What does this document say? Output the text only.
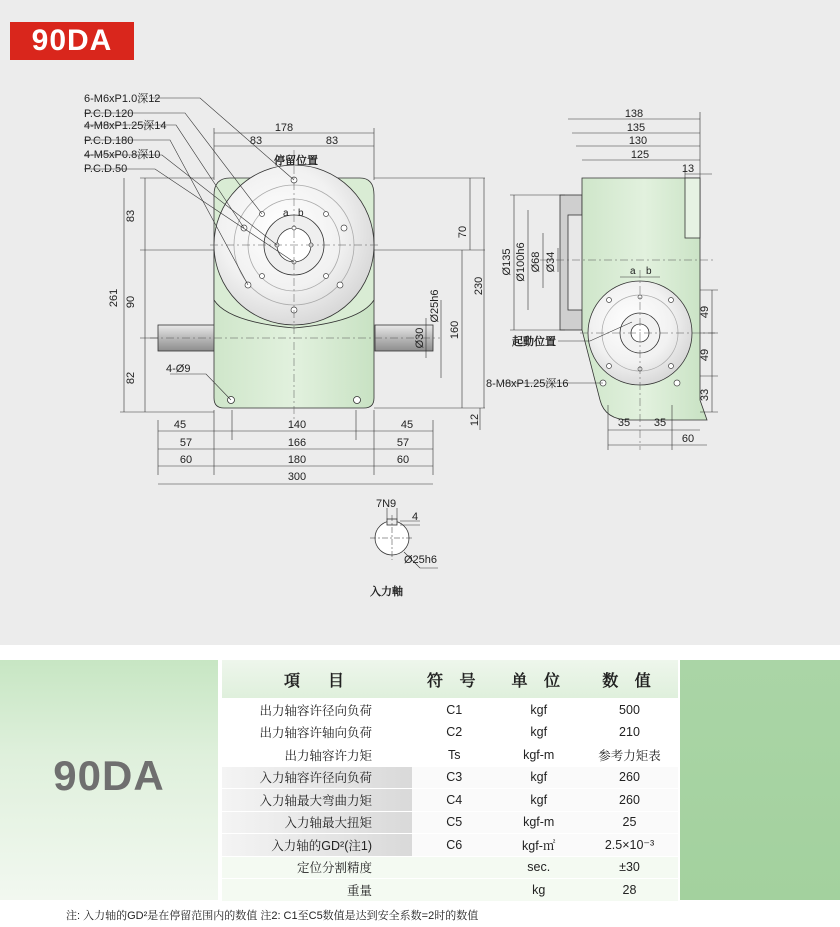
90DA
6-M6xP1.0深12
P.C.D.120
4-M8xP1.25深14
P.C.D.180
4-M5xP0.8深10
P.C.D.50
停留位置
a b
178
83	83
83
261 90
82
70
230
160
12
Ø25h6
Ø30
4-Ø9
45	140	45
57	166	57
60	180	60
300
138
135
130
125
13
Ø135 Ø100h6 Ø68 Ø34
49
49
33
35 35
60
起動位置
8-M8xP1.25深16
a b
7N9
4
Ø25h6
入力軸
90DA
項　目	符 号	单 位	数 值
出力轴容许径向负荷	C1	kgf	500
出力轴容许轴向负荷	C2	kgf	210
出力轴容许力矩	Ts	kgf-m	参考力矩表
入力轴容许径向负荷	C3	kgf	260
入力轴最大弯曲力矩	C4	kgf	260
入力轴最大扭矩	C5	kgf-m	25
入力轴的GD²(注1)	C6	kgf-㎡	2.5×10⁻³
定位分割精度		sec.	±30
重量		kg	28
注: 入力轴的GD²是在停留范围内的数值 注2: C1至C5数值是达到安全系数=2时的数值
